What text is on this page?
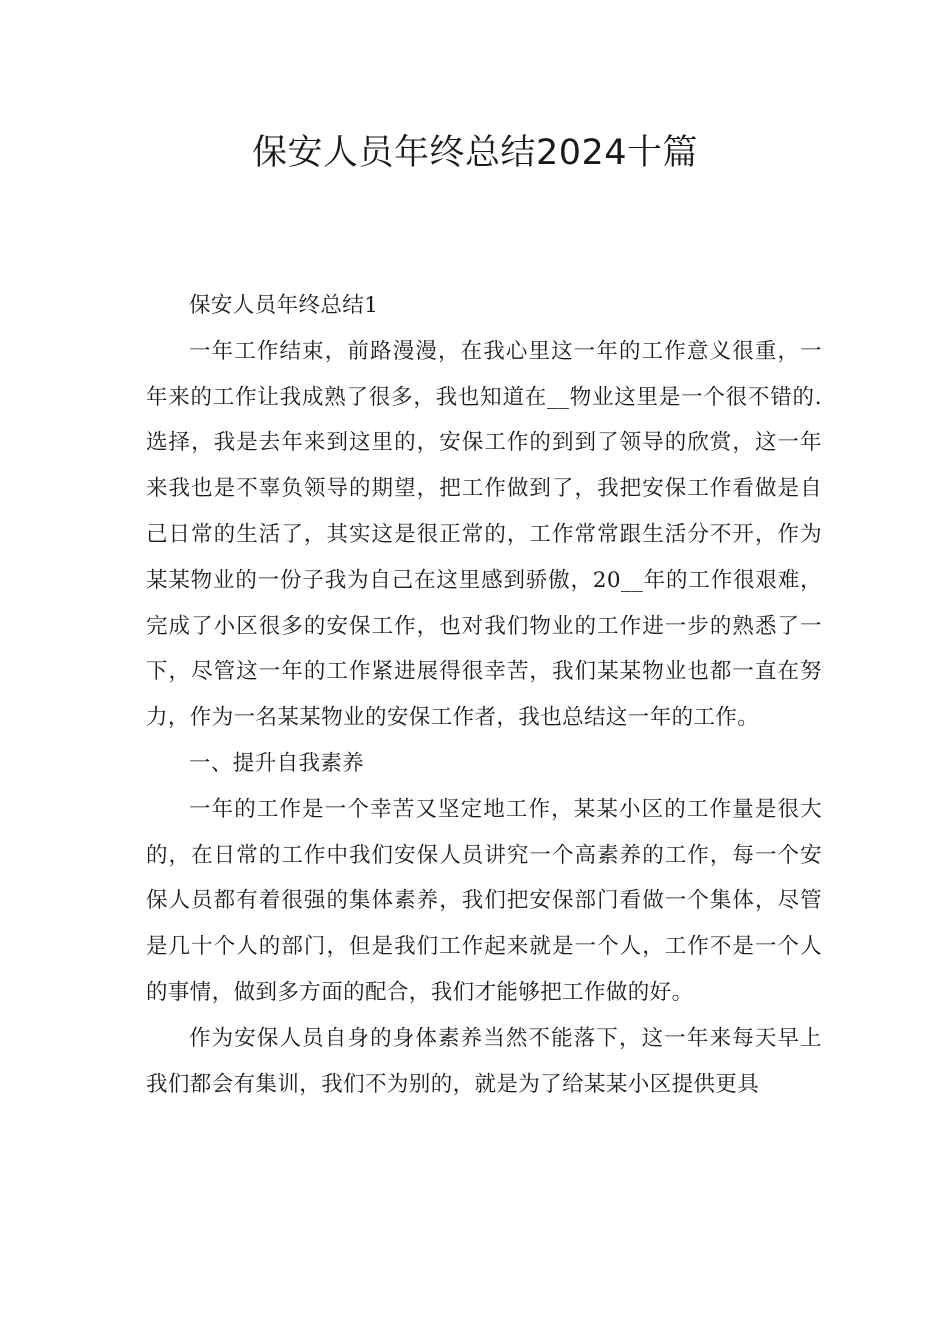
保安人员年终总结2024十篇

保安人员年终总结1

一年工作结束，前路漫漫，在我心里这一年的工作意义很重，一年来的工作让我成熟了很多，我也知道在__物业这里是一个很不错的.选择，我是去年来到这里的，安保工作的到到了领导的欣赏，这一年来我也是不辜负领导的期望，把工作做到了，我把安保工作看做是自己日常的生活了，其实这是很正常的，工作常常跟生活分不开，作为某某物业的一份子我为自己在这里感到骄傲，20__年的工作很艰难，完成了小区很多的安保工作，也对我们物业的工作进一步的熟悉了一下，尽管这一年的工作紧进展得很幸苦，我们某某物业也都一直在努力，作为一名某某物业的安保工作者，我也总结这一年的工作。

一、提升自我素养

一年的工作是一个幸苦又坚定地工作，某某小区的工作量是很大的，在日常的工作中我们安保人员讲究一个高素养的工作，每一个安保人员都有着很强的集体素养，我们把安保部门看做一个集体，尽管是几十个人的部门，但是我们工作起来就是一个人，工作不是一个人的事情，做到多方面的配合，我们才能够把工作做的好。

作为安保人员自身的身体素养当然不能落下，这一年来每天早上我们都会有集训，我们不为别的，就是为了给某某小区提供更具
